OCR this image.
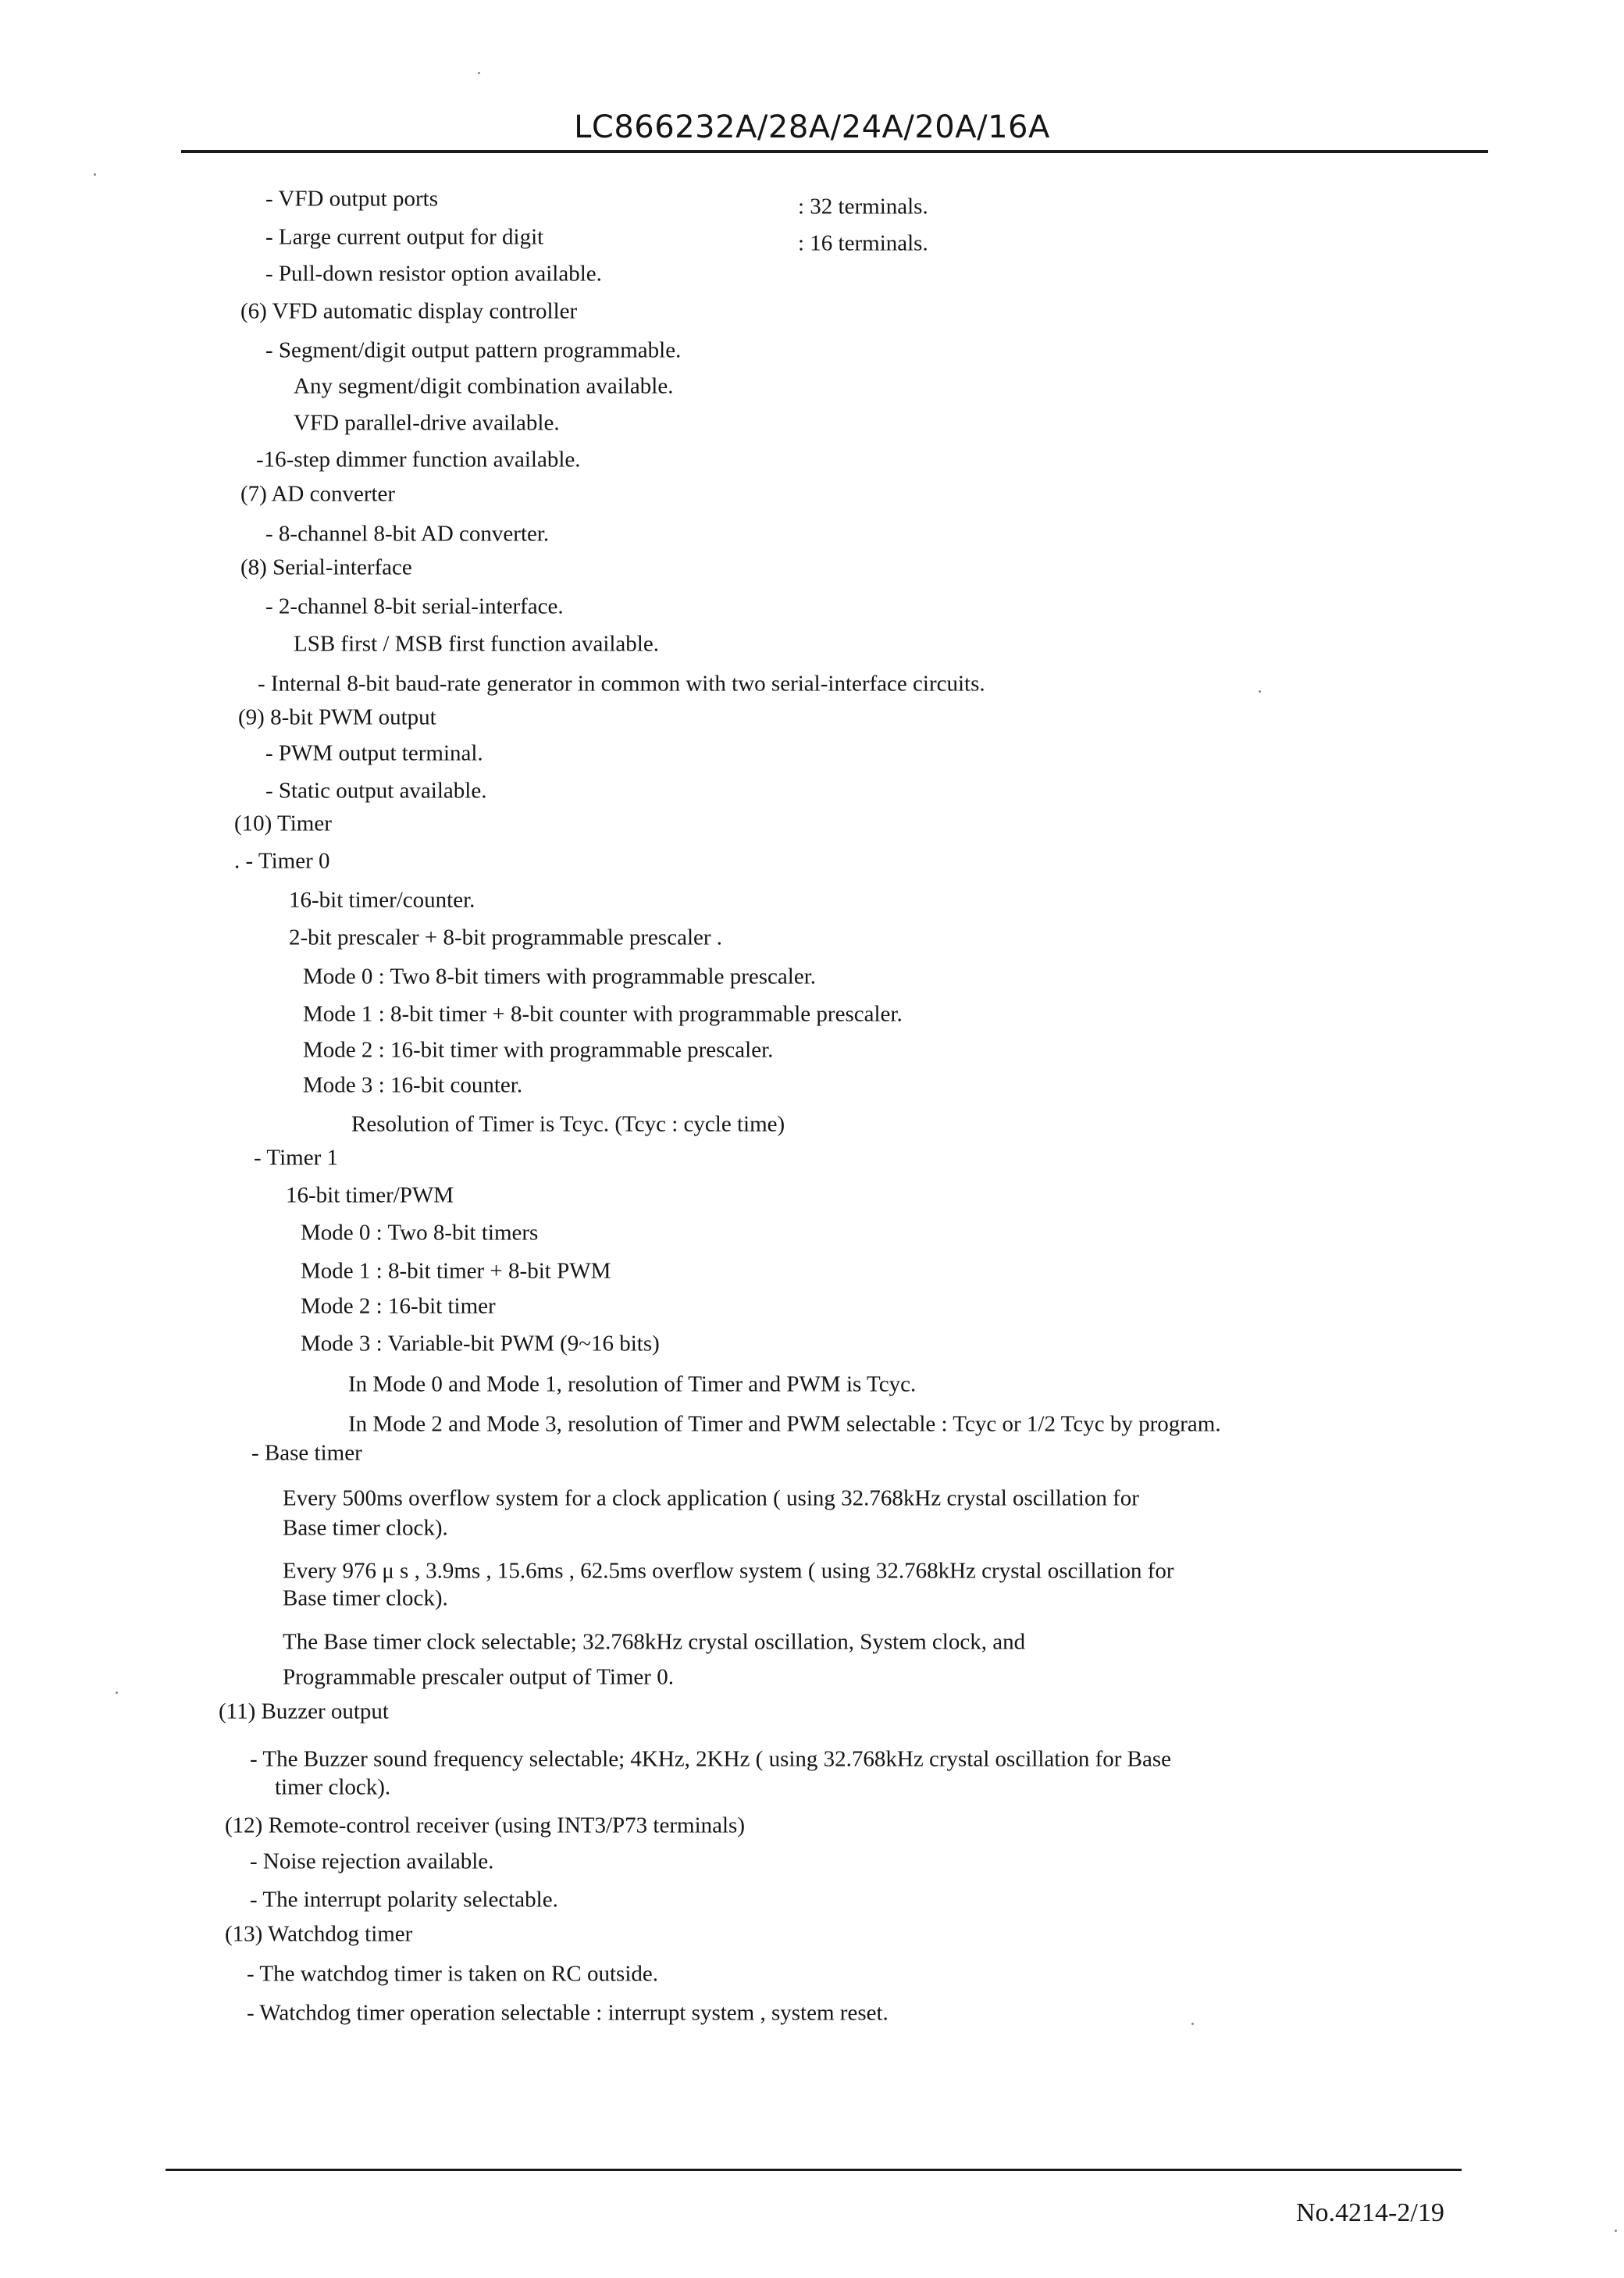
LC866232A/28A/24A/20A/16A
- VFD output ports	: 32 terminals.
- Large current output for digit	: 16 terminals.
- Pull-down resistor option available.
(6) VFD automatic display controller
- Segment/digit output pattern programmable.
Any segment/digit combination available.
VFD parallel-drive available.
-16-step dimmer function available.
(7) AD converter
- 8-channel 8-bit AD converter.
(8) Serial-interface
- 2-channel 8-bit serial-interface.
LSB first / MSB first function available.
- Internal 8-bit baud-rate generator in common with two serial-interface circuits.
(9) 8-bit PWM output
- PWM output terminal.
- Static output available.
(10) Timer
. - Timer 0
16-bit timer/counter.
2-bit prescaler + 8-bit programmable prescaler .
Mode 0 : Two 8-bit timers with programmable prescaler.
Mode 1 : 8-bit timer + 8-bit counter with programmable prescaler.
Mode 2 : 16-bit timer with programmable prescaler.
Mode 3 : 16-bit counter.
Resolution of Timer is Tcyc. (Tcyc : cycle time)
- Timer 1
16-bit timer/PWM
Mode 0 : Two 8-bit timers
Mode 1 : 8-bit timer + 8-bit PWM
Mode 2 : 16-bit timer
Mode 3 : Variable-bit PWM (9~16 bits)
In Mode 0 and Mode 1, resolution of Timer and PWM is Tcyc.
In Mode 2 and Mode 3, resolution of Timer and PWM selectable : Tcyc or 1/2 Tcyc by program.
- Base timer
Every 500ms overflow system for a clock application ( using 32.768kHz crystal oscillation for
Base timer clock).
Every 976 μ s , 3.9ms , 15.6ms , 62.5ms overflow system ( using 32.768kHz crystal oscillation for
Base timer clock).
The Base timer clock selectable; 32.768kHz crystal oscillation, System clock, and
Programmable prescaler output of Timer 0.
(11) Buzzer output
- The Buzzer sound frequency selectable; 4KHz, 2KHz ( using 32.768kHz crystal oscillation for Base
timer clock).
(12) Remote-control receiver (using INT3/P73 terminals)
- Noise rejection available.
- The interrupt polarity selectable.
(13) Watchdog timer
- The watchdog timer is taken on RC outside.
- Watchdog timer operation selectable : interrupt system , system reset.
No.4214-2/19
